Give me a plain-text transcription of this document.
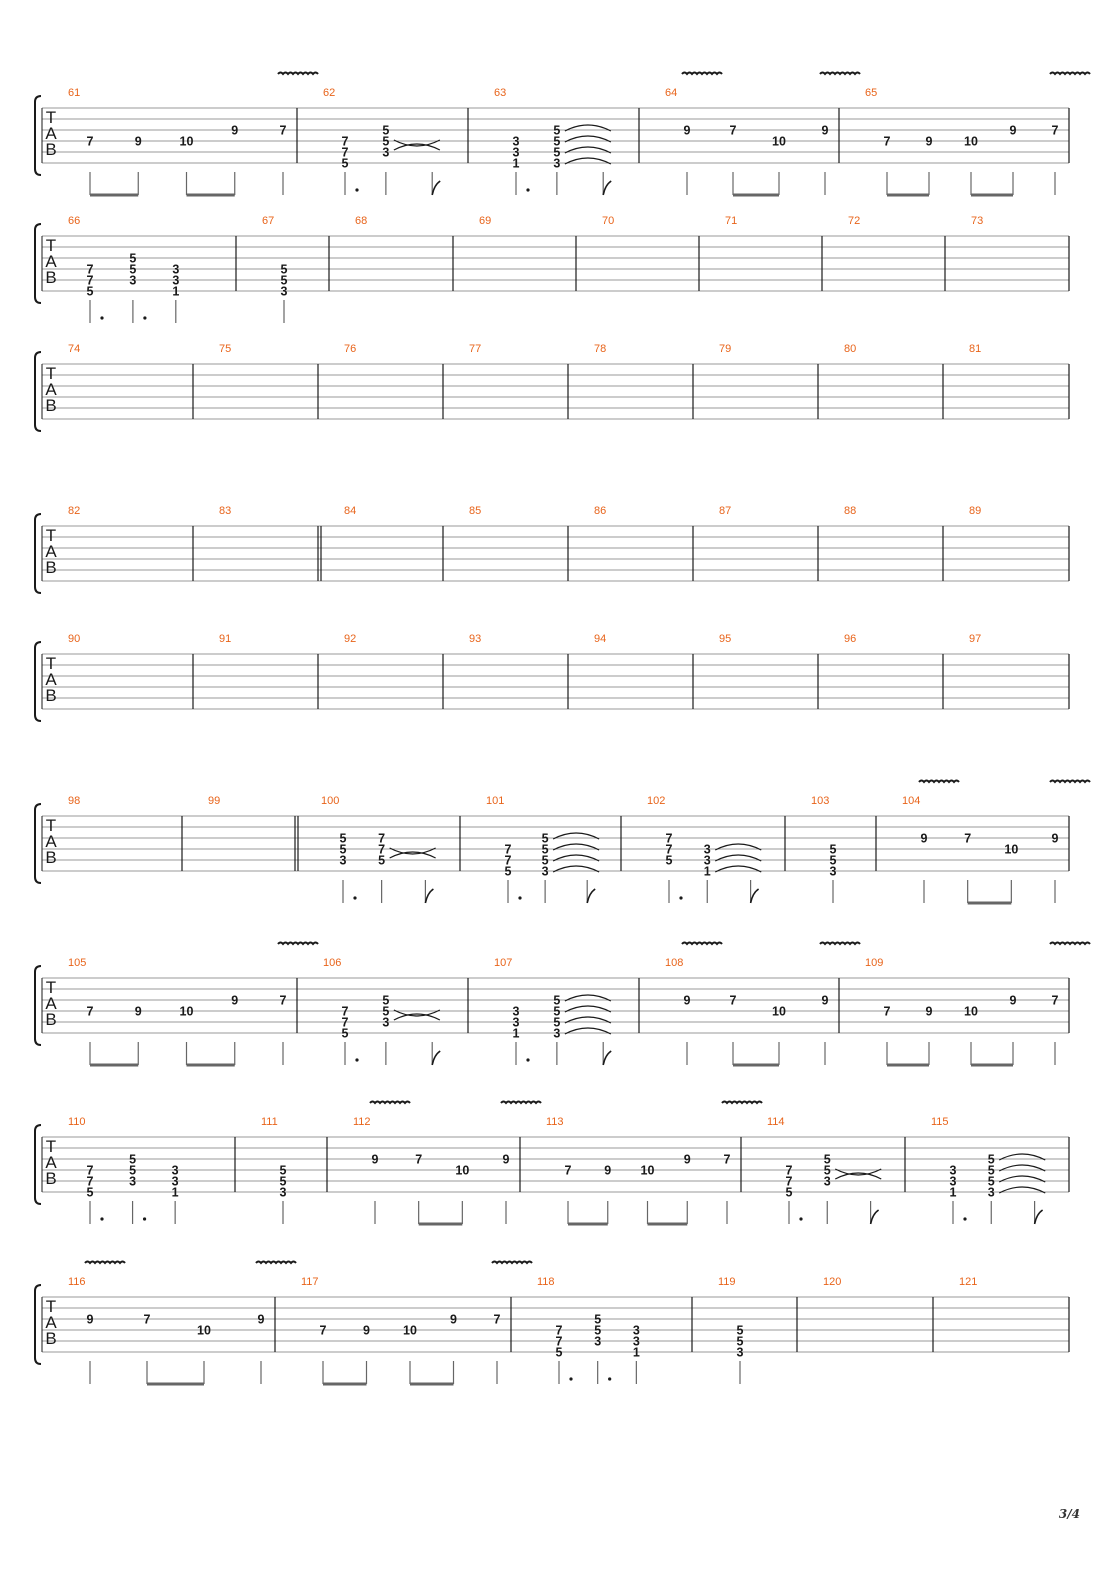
T
A
B
61
7	9	10
9	7
62
7
7
5
5
5
3
63
3
3
1
5
5
5
3
64
9	7
10
9
65
7	9	10
9	7
T
A
B
66
7
7
5
5
5
3
3
3
1
67
5
5
3
68	69	70	71	72	73
T
A
B
74	75	76	77	78	79	80	81
T
A
B
82	83	84	85	86	87	88	89
T
A
B
90	91	92	93	94	95	96	97
T
A
B
98	99	100
5
5
3
7
7
5
101
7
7
5
5
5
5
3
102
7
7
5
3
3
1
103
5
5
3
104
9	7
10
9
T
A
B
105
7	9	10
9	7
106
7
7
5
5
5
3
107
3
3
1
5
5
5
3
108
9	7
10
9
109
7	9	10
9	7
T
A
B
110
7
7
5
5
5
3
3
3
1
111
5
5
3
112
9	7
10
9
113
7	9 10
9	7
114
7
7
5
5
5
3
115
3
3
1
5
5
5
3
T
A
B
116
9	7
10
9
117
7	9	10
9	7
118
7
7
5
5
5
3
3
3
1
119
5
5
3
120	121
3/4
